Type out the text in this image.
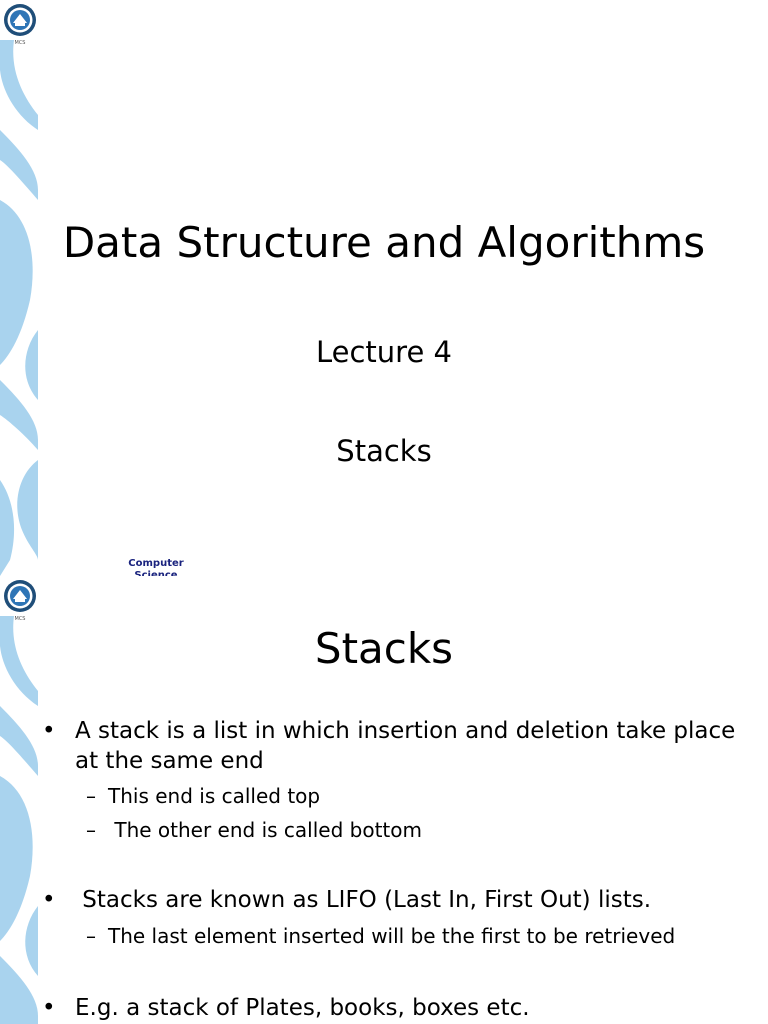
MCS
Data Structure and Algorithms
Lecture 4
Stacks
Computer
MCS
Stacks
• A stack is a list in which insertion and deletion take place
at the same end
– This end is called top
– The other end is called bottom
• Stacks are known as LIFO (Last In, First Out) lists.
– The last element inserted will be the first to be retrieved
• E.g. a stack of Plates, books, boxes etc.
